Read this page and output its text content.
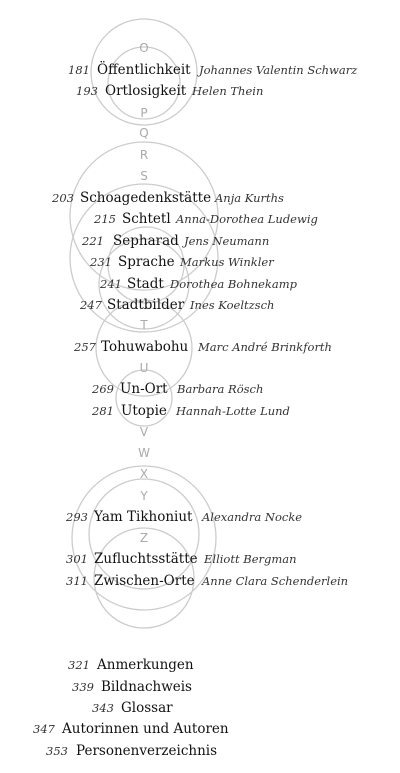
O
P
Q
R
S
T
U
V
W
X
Y
Z
181 Öffentlichkeit Johannes Valentin Schwarz
193 Ortlosigkeit Helen Thein
203 Schoagedenkstätte Anja Kurths
215 Schtetl Anna-Dorothea Ludewig
221 Sepharad Jens Neumann
231 Sprache Markus Winkler
241 Stadt Dorothea Bohnekamp
247 Stadtbilder Ines Koeltzsch
257 Tohuwabohu Marc André Brinkforth
269 Un-Ort Barbara Rösch
281 Utopie Hannah-Lotte Lund
293 Yam Tikhoniut Alexandra Nocke
301 Zufluchtsstätte Elliott Bergman
311 Zwischen-Orte Anne Clara Schenderlein
321 Anmerkungen
339 Bildnachweis
343 Glossar
347 Autorinnen und Autoren
353 Personenverzeichnis
